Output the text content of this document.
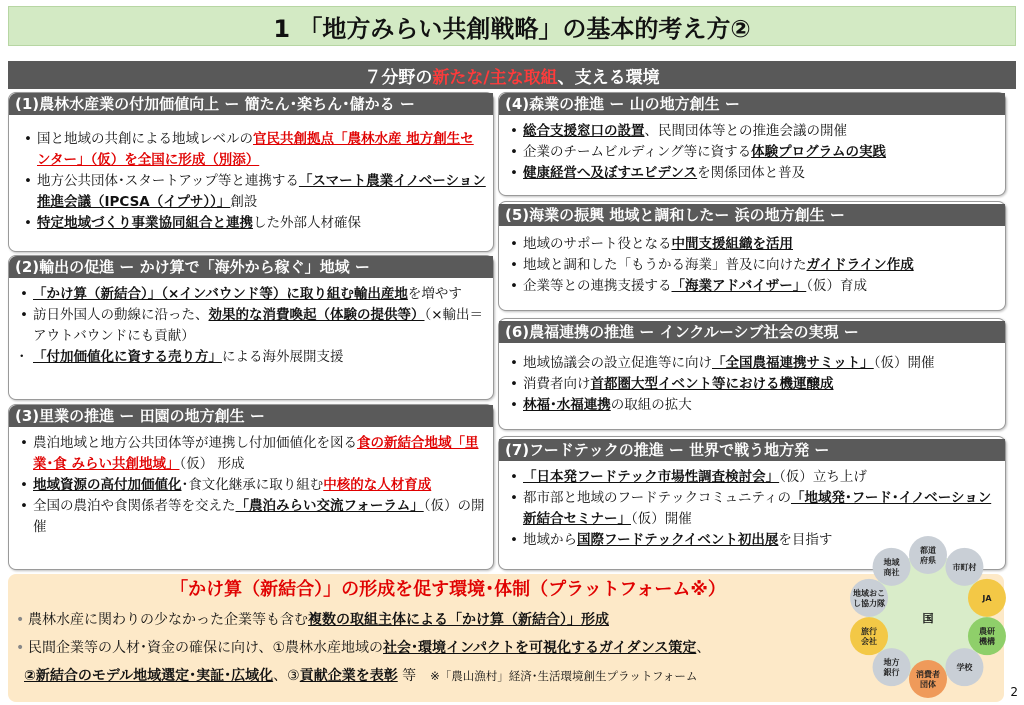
1 「地方みらい共創戦略」の基本的考え方②
７分野の 新たな/主な取組 、支える環境
(1)農林水産業の付加価値向上 ー 簡たん･楽ちん･儲かる ー
• 国と地域の共創による地域レベルの官民共創拠点「農林水産 地方創生センター」（仮）を全国に形成（別添）
• 地方公共団体･スタートアップ等と連携する「スマート農業イノベーション推進会議（IPCSA（イプサ））」創設
• 特定地域づくり事業協同組合と連携した外部人材確保
(2)輸出の促進 ー かけ算で「海外から稼ぐ」地域 ー
• 「かけ算（新結合）」（×インバウンド等）に取り組む輸出産地を増やす
• 訪日外国人の動線に沿った、効果的な消費喚起（体験の提供等）（×輸出＝アウトバウンドにも貢献）
・ 「付加価値化に資する売り方」による海外展開支援
(3)里業の推進 ー 田園の地方創生 ー
• 農泊地域と地方公共団体等が連携し付加価値化を図る食の新結合地域「里業･食 みらい共創地域」（仮） 形成
• 地域資源の高付加価値化･食文化継承に取り組む中核的な人材育成
• 全国の農泊や食関係者等を交えた「農泊みらい交流フォーラム」（仮）の開催
(4)森業の推進 ー 山の地方創生 ー
• 総合支援窓口の設置、民間団体等との推進会議の開催
• 企業のチームビルディング等に資する体験プログラムの実践
• 健康経営へ及ぼすエビデンスを関係団体と普及
(5)海業の振興 地域と調和したー 浜の地方創生 ー
• 地域のサポート役となる中間支援組織を活用
• 地域と調和した「もうかる海業」普及に向けたガイドライン作成
• 企業等との連携支援する「海業アドバイザー」（仮）育成
(6)農福連携の推進 ー インクルーシブ社会の実現 ー
• 地域協議会の設立促進等に向け「全国農福連携サミット」（仮）開催
• 消費者向け首都圏大型イベント等における機運醸成
• 林福･水福連携の取組の拡大
(7)フードテックの推進 ー 世界で戦う地方発 ー
• 「日本発フードテック市場性調査検討会」（仮）立ち上げ
• 都市部と地域のフードテックコミュニティの「地域発･フード･イノベーション新結合セミナー」（仮）開催
• 地域から国際フードテックイベント初出展を目指す
「かけ算（新結合）」の形成を促す環境･体制（プラットフォーム※）
• 農林水産に関わりの少なかった企業等も含む複数の取組主体による「かけ算（新結合）」形成
• 民間企業等の人材･資金の確保に向け、①農林水産地域の社会･環境インパクトを可視化するガイダンス策定、
②新結合のモデル地域選定･実証･広域化、③貢献企業を表彰 等 ※「農山漁村」経済･生活環境創生プラットフォーム
都道
府県
市町村
JA
農研
機構
学校
消費者
団体
地方
銀行
旅行
会社
地域おこ
し協力隊
地域
商社
国
2
